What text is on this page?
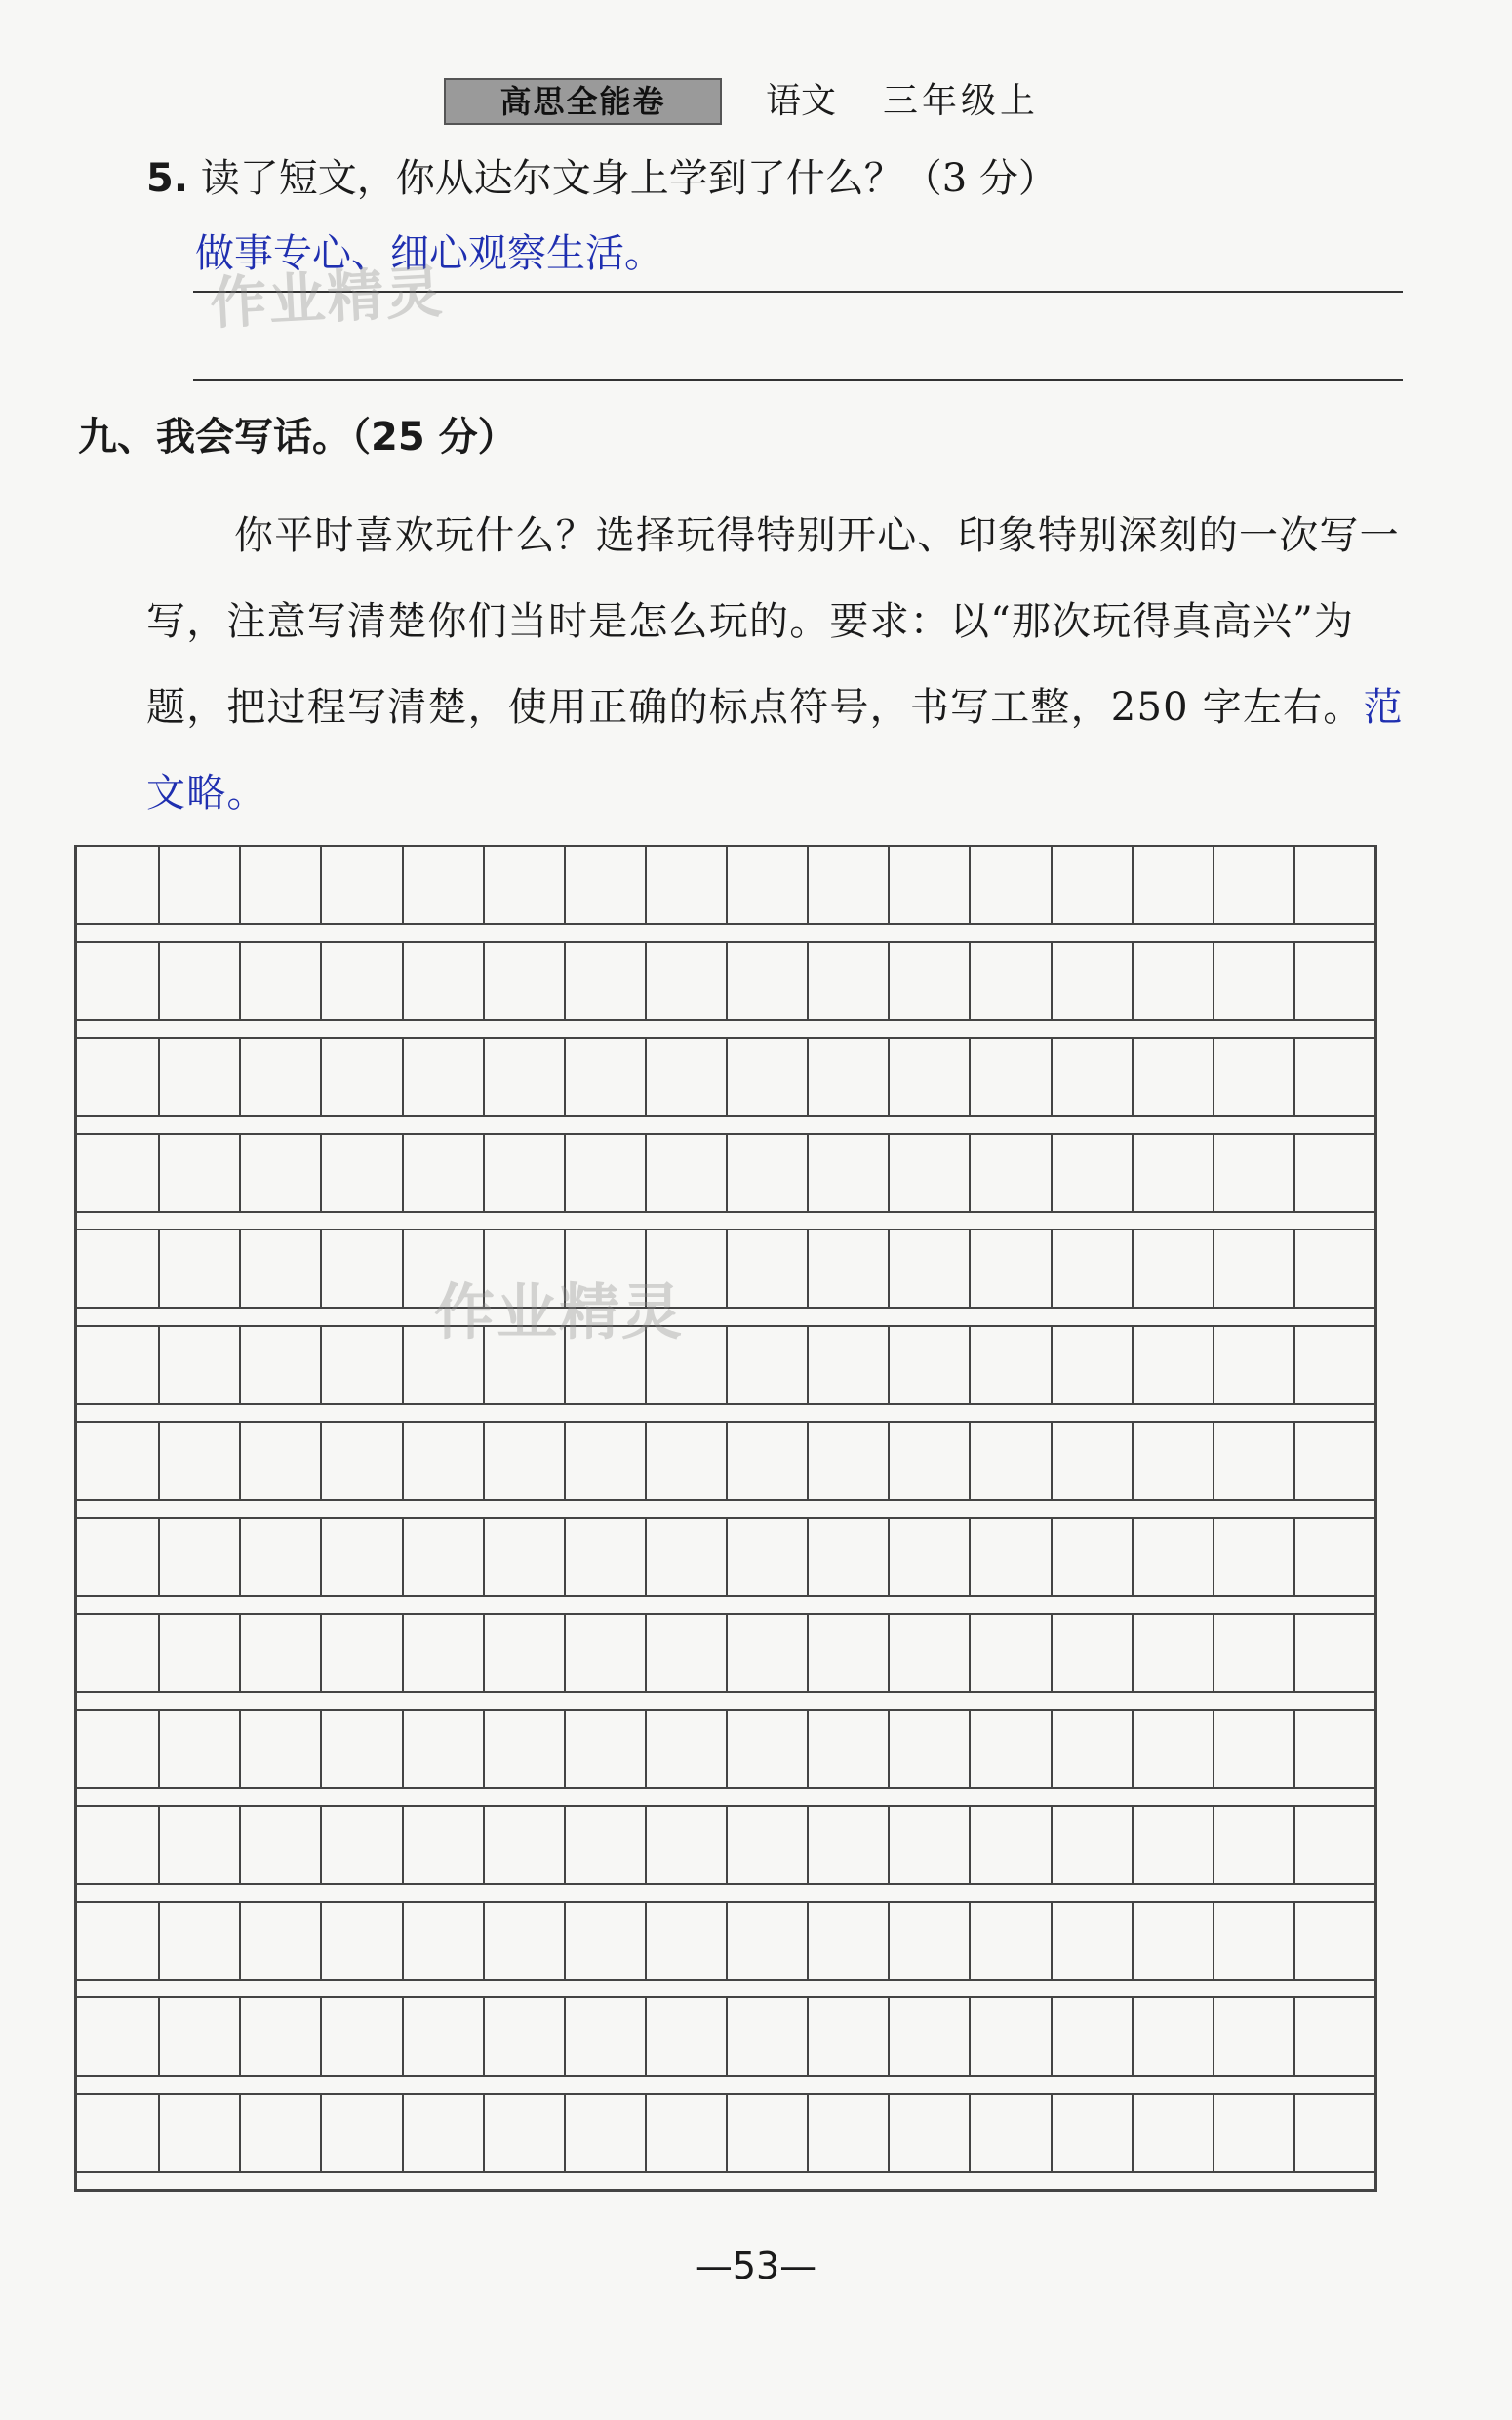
高思全能卷	语文 三年级上
5. 读了短文，你从达尔文身上学到了什么？（3 分）
做事专心、细心观察生活。
作业精灵
九、我会写话。（25 分）
你平时喜欢玩什么？选择玩得特别开心、印象特别深刻的一次写一写，注意写清楚你们当时是怎么玩的。要求：以“那次玩得真高兴”为题，把过程写清楚，使用正确的标点符号，书写工整，250 字左右。范文略。
作业精灵
—53—
